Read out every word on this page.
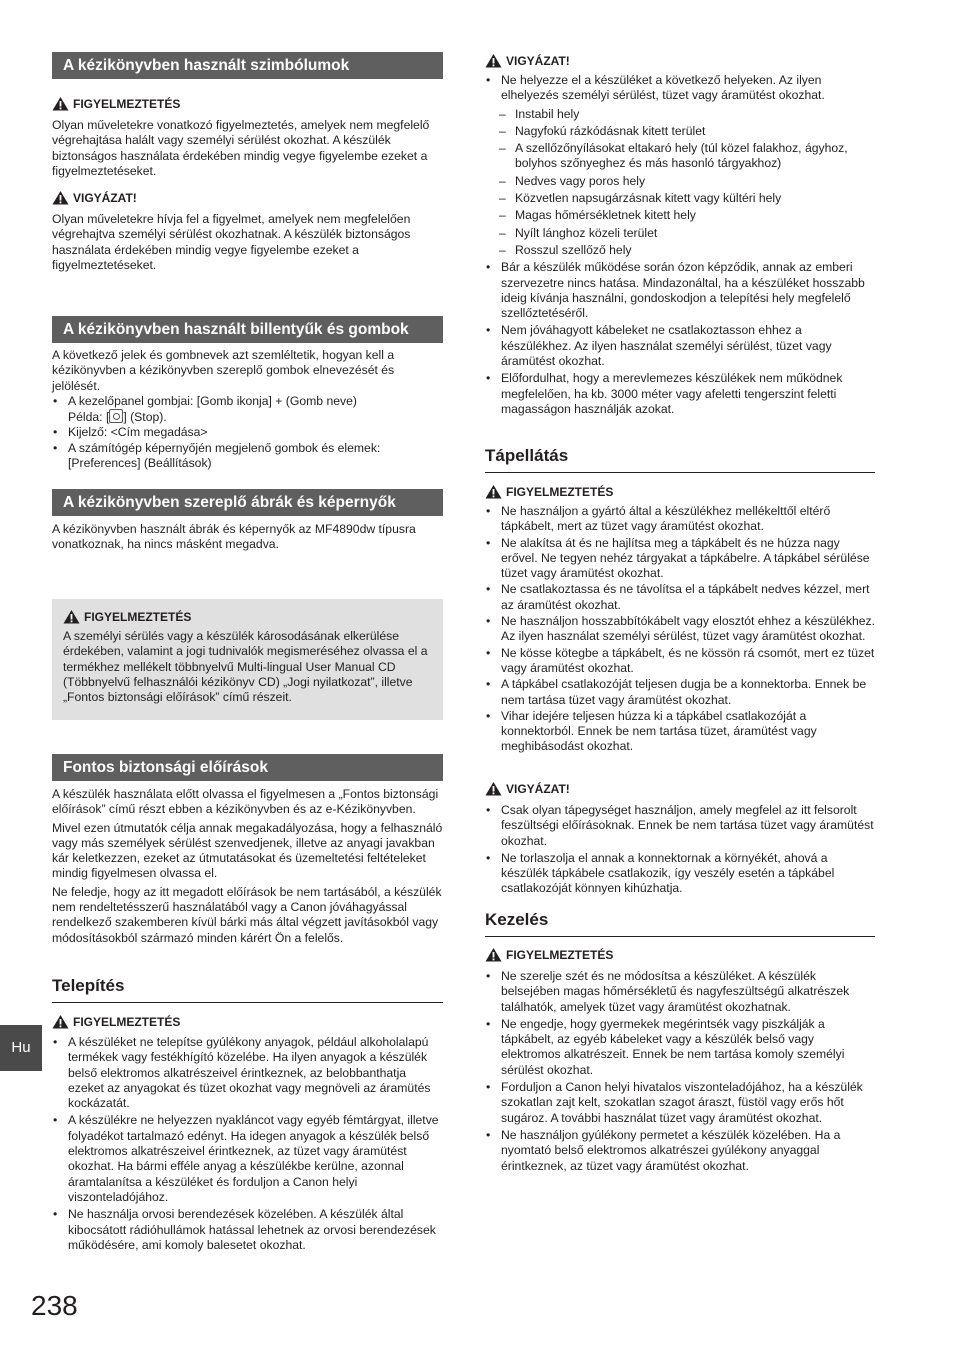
A kézikönyvben használt szimbólumok
FIGYELMEZTETÉS
Olyan műveletekre vonatkozó figyelmeztetés, amelyek nem megfelelő végrehajtása halált vagy személyi sérülést okozhat. A készülék biztonságos használata érdekében mindig vegye figyelembe ezeket a figyelmeztetéseket.
VIGYÁZAT!
Olyan műveletekre hívja fel a figyelmet, amelyek nem megfelelően végrehajtva személyi sérülést okozhatnak. A készülék biztonságos használata érdekében mindig vegye figyelembe ezeket a figyelmeztetéseket.
A kézikönyvben használt billentyűk és gombok

A következő jelek és gombnevek azt szemléltetik, hogyan kell a kézikönyvben a kézikönyvben szereplő gombok elnevezését és jelölését.

• A kezelőpanel gombjai: [Gomb ikonja] + (Gomb neve)
Példa: [ ] (Stop).
• Kijelző: <Cím megadása>
• A számítógép képernyőjén megjelenő gombok és elemek: [Preferences] (Beállítások)
A kézikönyvben szereplő ábrák és képernyők
A kézikönyvben használt ábrák és képernyők az MF4890dw típusra vonatkoznak, ha nincs másként megadva.
FIGYELMEZTETÉS
A személyi sérülés vagy a készülék károsodásának elkerülése érdekében, valamint a jogi tudnivalók megismeréséhez olvassa el a termékhez mellékelt többnyelvű Multi-lingual User Manual CD (Többnyelvű felhasználói kézikönyv CD) „Jogi nyilatkozat”, illetve „Fontos biztonsági előírások” című részeit.
Fontos biztonsági előírások

A készülék használata előtt olvassa el figyelmesen a „Fontos biztonsági előírások” című részt ebben a kézikönyvben és az e-Kézikönyvben.

Mivel ezen útmutatók célja annak megakadályozása, hogy a felhasználó vagy más személyek sérülést szenvedjenek, illetve az anyagi javakban kár keletkezzen, ezeket az útmutatásokat és üzemeltetési feltételeket mindig figyelmesen olvassa el.

Ne feledje, hogy az itt megadott előírások be nem tartásából, a készülék nem rendeltetésszerű használatából vagy a Canon jóváhagyással rendelkező szakemberen kívül bárki más által végzett javításokból vagy módosításokból származó minden kárért Ön a felelős.

Telepítés
FIGYELMEZTETÉS
• A készüléket ne telepítse gyúlékony anyagok, például alkoholalapú termékek vagy festékhígító közelébe. Ha ilyen anyagok a készülék belső elektromos alkatrészeivel érintkeznek, az belobbanthatja ezeket az anyagokat és tüzet okozhat vagy megnöveli az áramütés kockázatát.
• A készülékre ne helyezzen nyakláncot vagy egyéb fémtárgyat, illetve folyadékot tartalmazó edényt. Ha idegen anyagok a készülék belső elektromos alkatrészeivel érintkeznek, az tüzet vagy áramütést okozhat. Ha bármi efféle anyag a készülékbe kerülne, azonnal áramtalanítsa a készüléket és forduljon a Canon helyi viszonteladójához.
• Ne használja orvosi berendezések közelében. A készülék által kibocsátott rádióhullámok hatással lehetnek az orvosi berendezések működésére, ami komoly balesetet okozhat.
VIGYÁZAT!
• Ne helyezze el a készüléket a következő helyeken. Az ilyen elhelyezés személyi sérülést, tüzet vagy áramütést okozhat.
– Instabil hely
– Nagyfokú rázkódásnak kitett terület
– A szellőzőnyílásokat eltakaró hely (túl közel falakhoz, ágyhoz, bolyhos szőnyeghez és más hasonló tárgyakhoz)
– Nedves vagy poros hely
– Közvetlen napsugárzásnak kitett vagy kültéri hely
– Magas hőmérsékletnek kitett hely
– Nyílt lánghoz közeli terület
– Rosszul szellőző hely
• Bár a készülék működése során ózon képződik, annak az emberi szervezetre nincs hatása. Mindazonáltal, ha a készüléket hosszabb ideig kívánja használni, gondoskodjon a telepítési hely megfelelő szellőztetéséről.
• Nem jóváhagyott kábeleket ne csatlakoztasson ehhez a készülékhez. Az ilyen használat személyi sérülést, tüzet vagy áramütést okozhat.
• Előfordulhat, hogy a merevlemezes készülékek nem működnek megfelelően, ha kb. 3000 méter vagy afeletti tengerszint feletti magasságon használják azokat.
Tápellátás
FIGYELMEZTETÉS
• Ne használjon a gyártó által a készülékhez mellékelttől eltérő tápkábelt, mert az tüzet vagy áramütést okozhat.
• Ne alakítsa át és ne hajlítsa meg a tápkábelt és ne húzza nagy erővel. Ne tegyen nehéz tárgyakat a tápkábelre. A tápkábel sérülése tüzet vagy áramütést okozhat.
• Ne csatlakoztassa és ne távolítsa el a tápkábelt nedves kézzel, mert az áramütést okozhat.
• Ne használjon hosszabbítókábelt vagy elosztót ehhez a készülékhez. Az ilyen használat személyi sérülést, tüzet vagy áramütést okozhat.
• Ne kösse kötegbe a tápkábelt, és ne kössön rá csomót, mert ez tüzet vagy áramütést okozhat.
• A tápkábel csatlakozóját teljesen dugja be a konnektorba. Ennek be nem tartása tüzet vagy áramütést okozhat.
• Vihar idejére teljesen húzza ki a tápkábel csatlakozóját a konnektorból. Ennek be nem tartása tüzet, áramütést vagy meghibásodást okozhat.
VIGYÁZAT!
• Csak olyan tápegységet használjon, amely megfelel az itt felsorolt feszültségi előírásoknak. Ennek be nem tartása tüzet vagy áramütést okozhat.
• Ne torlaszolja el annak a konnektornak a környékét, ahová a készülék tápkábele csatlakozik, így veszély esetén a tápkábel csatlakozóját könnyen kihúzhatja.
Kezelés
FIGYELMEZTETÉS
• Ne szerelje szét és ne módosítsa a készüléket. A készülék belsejében magas hőmérsékletű és nagyfeszültségű alkatrészek találhatók, amelyek tüzet vagy áramütést okozhatnak.
• Ne engedje, hogy gyermekek megérintsék vagy piszkálják a tápkábelt, az egyéb kábeleket vagy a készülék belső vagy elektromos alkatrészeit. Ennek be nem tartása komoly személyi sérülést okozhat.
• Forduljon a Canon helyi hivatalos viszonteladójához, ha a készülék szokatlan zajt kelt, szokatlan szagot áraszt, füstöl vagy erős hőt sugároz. A további használat tüzet vagy áramütést okozhat.
• Ne használjon gyúlékony permetet a készülék közelében. Ha a nyomtató belső elektromos alkatrészei gyúlékony anyaggal érintkeznek, az tüzet vagy áramütést okozhat.
Hu
238
